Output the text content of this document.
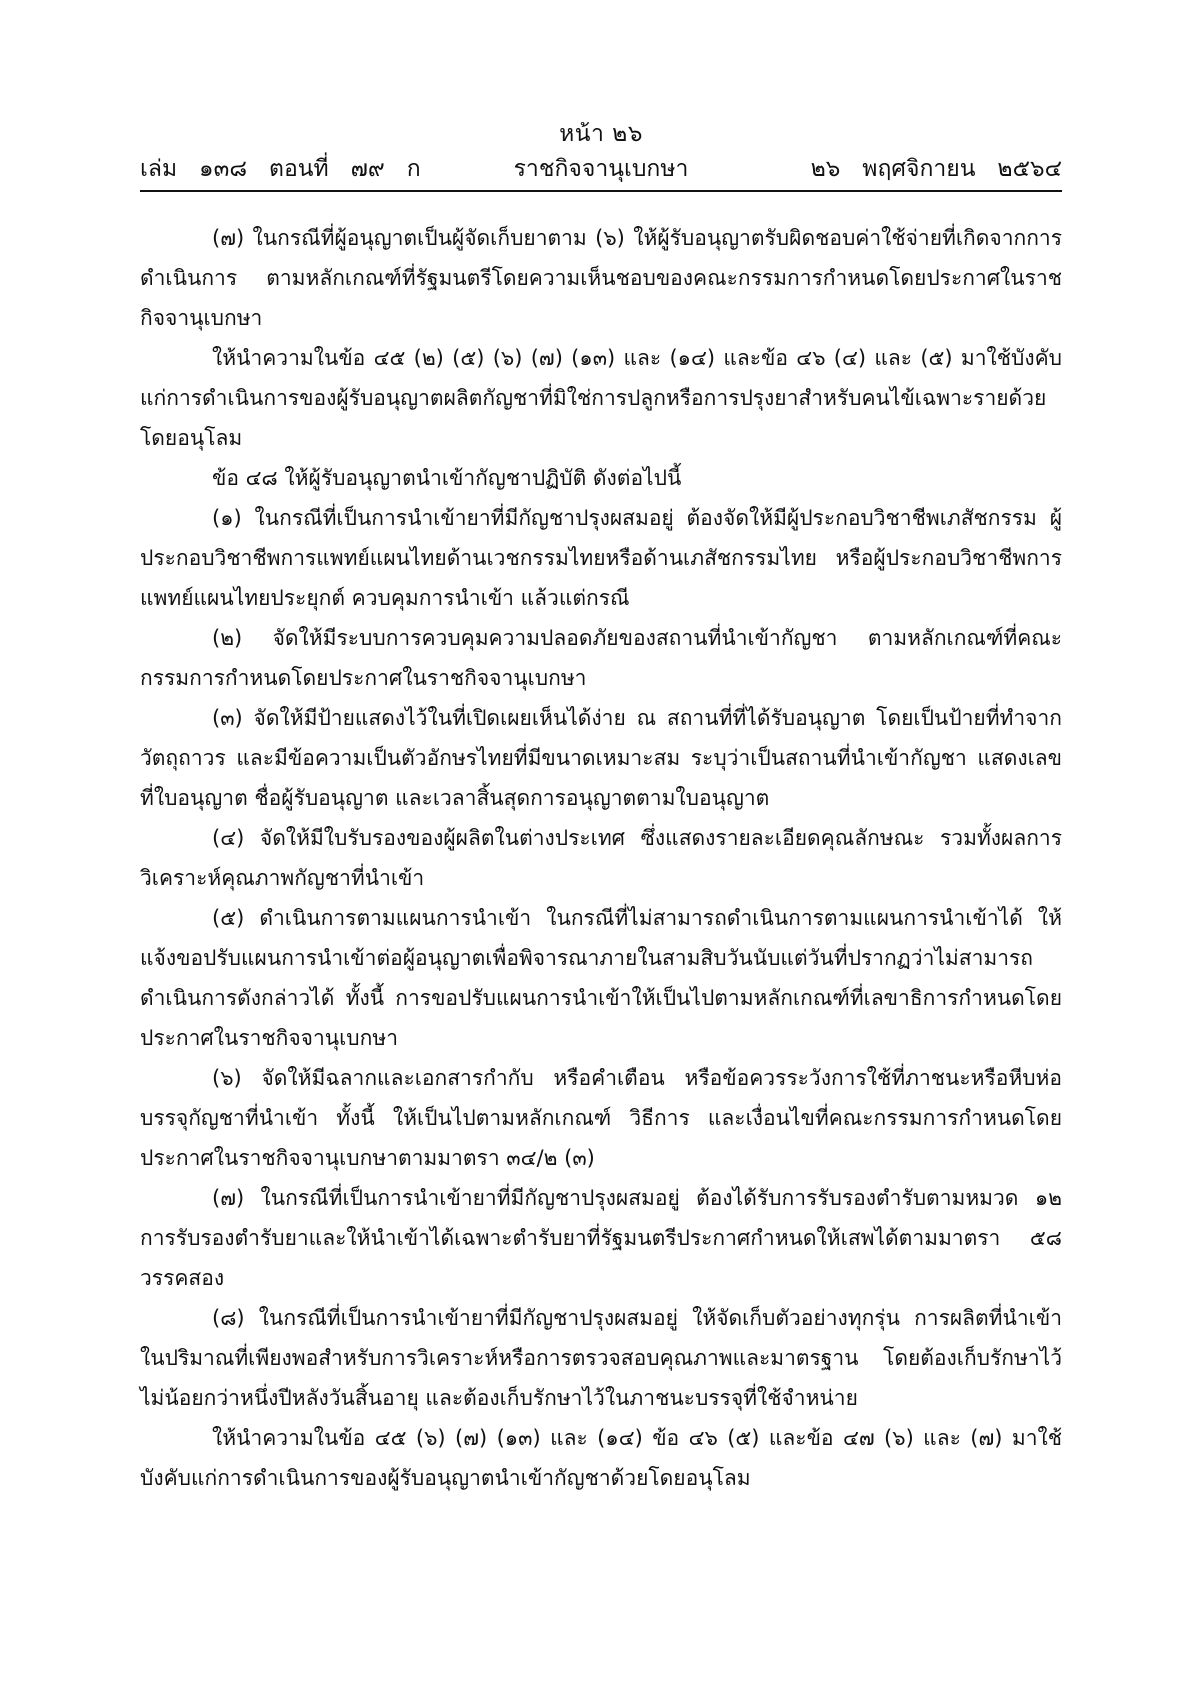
หน้า ๒๖
เล่ม   ๑๓๘   ตอนที่   ๗๙   ก	ราชกิจจานุเบกษา	๒๖   พฤศจิกายน   ๒๕๖๔

(๗) ในกรณีที่ผู้อนุญาตเป็นผู้จัดเก็บยาตาม (๖) ให้ผู้รับอนุญาตรับผิดชอบค่าใช้จ่ายที่เกิดจากการดำเนินการ ตามหลักเกณฑ์ที่รัฐมนตรีโดยความเห็นชอบของคณะกรรมการกำหนดโดยประกาศในราชกิจจานุเบกษา

ให้นำความในข้อ ๔๕ (๒) (๕) (๖) (๗) (๑๓) และ (๑๔) และข้อ ๔๖ (๔) และ (๕) มาใช้บังคับแก่การดำเนินการของผู้รับอนุญาตผลิตกัญชาที่มิใช่การปลูกหรือการปรุงยาสำหรับคนไข้เฉพาะรายด้วยโดยอนุโลม

ข้อ ๔๘ ให้ผู้รับอนุญาตนำเข้ากัญชาปฏิบัติ ดังต่อไปนี้

(๑) ในกรณีที่เป็นการนำเข้ายาที่มีกัญชาปรุงผสมอยู่ ต้องจัดให้มีผู้ประกอบวิชาชีพเภสัชกรรม ผู้ประกอบวิชาชีพการแพทย์แผนไทยด้านเวชกรรมไทยหรือด้านเภสัชกรรมไทย หรือผู้ประกอบวิชาชีพการแพทย์แผนไทยประยุกต์ ควบคุมการนำเข้า แล้วแต่กรณี

(๒) จัดให้มีระบบการควบคุมความปลอดภัยของสถานที่นำเข้ากัญชา ตามหลักเกณฑ์ที่คณะกรรมการกำหนดโดยประกาศในราชกิจจานุเบกษา

(๓) จัดให้มีป้ายแสดงไว้ในที่เปิดเผยเห็นได้ง่าย ณ สถานที่ที่ได้รับอนุญาต โดยเป็นป้ายที่ทำจากวัตถุถาวร และมีข้อความเป็นตัวอักษรไทยที่มีขนาดเหมาะสม ระบุว่าเป็นสถานที่นำเข้ากัญชา แสดงเลขที่ใบอนุญาต ชื่อผู้รับอนุญาต และเวลาสิ้นสุดการอนุญาตตามใบอนุญาต

(๔) จัดให้มีใบรับรองของผู้ผลิตในต่างประเทศ ซึ่งแสดงรายละเอียดคุณลักษณะ รวมทั้งผลการวิเคราะห์คุณภาพกัญชาที่นำเข้า

(๕) ดำเนินการตามแผนการนำเข้า ในกรณีที่ไม่สามารถดำเนินการตามแผนการนำเข้าได้ ให้แจ้งขอปรับแผนการนำเข้าต่อผู้อนุญาตเพื่อพิจารณาภายในสามสิบวันนับแต่วันที่ปรากฏว่าไม่สามารถดำเนินการดังกล่าวได้ ทั้งนี้ การขอปรับแผนการนำเข้าให้เป็นไปตามหลักเกณฑ์ที่เลขาธิการกำหนดโดยประกาศในราชกิจจานุเบกษา

(๖) จัดให้มีฉลากและเอกสารกำกับ หรือคำเตือน หรือข้อควรระวังการใช้ที่ภาชนะหรือหีบห่อบรรจุกัญชาที่นำเข้า ทั้งนี้ ให้เป็นไปตามหลักเกณฑ์ วิธีการ และเงื่อนไขที่คณะกรรมการกำหนดโดยประกาศในราชกิจจานุเบกษาตามมาตรา ๓๔/๒ (๓)

(๗) ในกรณีที่เป็นการนำเข้ายาที่มีกัญชาปรุงผสมอยู่ ต้องได้รับการรับรองตำรับตามหมวด ๑๒ การรับรองตำรับยาและให้นำเข้าได้เฉพาะตำรับยาที่รัฐมนตรีประกาศกำหนดให้เสพได้ตามมาตรา ๕๘ วรรคสอง

(๘) ในกรณีที่เป็นการนำเข้ายาที่มีกัญชาปรุงผสมอยู่ ให้จัดเก็บตัวอย่างทุกรุ่น การผลิตที่นำเข้าในปริมาณที่เพียงพอสำหรับการวิเคราะห์หรือการตรวจสอบคุณภาพและมาตรฐาน โดยต้องเก็บรักษาไว้ไม่น้อยกว่าหนึ่งปีหลังวันสิ้นอายุ และต้องเก็บรักษาไว้ในภาชนะบรรจุที่ใช้จำหน่าย

ให้นำความในข้อ ๔๕ (๖) (๗) (๑๓) และ (๑๔) ข้อ ๔๖ (๕) และข้อ ๔๗ (๖) และ (๗) มาใช้บังคับแก่การดำเนินการของผู้รับอนุญาตนำเข้ากัญชาด้วยโดยอนุโลม
